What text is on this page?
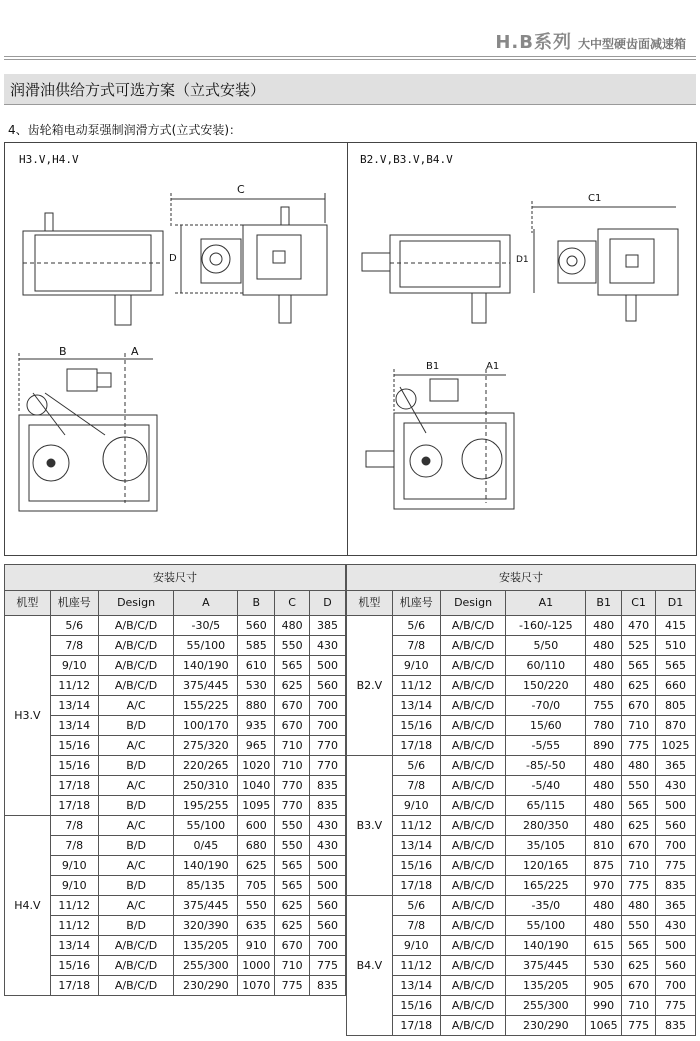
H.B系列 大中型硬齿面减速箱
润滑油供给方式可选方案（立式安装）
4、齿轮箱电动泵强制润滑方式(立式安装)：
H3.V,H4.V
C
D
B	A
B2.V,B3.V,B4.V
C1
D1
B1	A1
安装尺寸						
机型	机座号	Design	A	B	C	D
H3.V	5/6	A/B/C/D	-30/5	560	480	385
	7/8	A/B/C/D	55/100	585	550	430
	9/10	A/B/C/D	140/190	610	565	500
	11/12	A/B/C/D	375/445	530	625	560
	13/14	A/C	155/225	880	670	700
	13/14	B/D	100/170	935	670	700
	15/16	A/C	275/320	965	710	770
	15/16	B/D	220/265	1020	710	770
	17/18	A/C	250/310	1040	770	835
	17/18	B/D	195/255	1095	770	835
H4.V	7/8	A/C	55/100	600	550	430
	7/8	B/D	0/45	680	550	430
	9/10	A/C	140/190	625	565	500
	9/10	B/D	85/135	705	565	500
	11/12	A/C	375/445	550	625	560
	11/12	B/D	320/390	635	625	560
	13/14	A/B/C/D	135/205	910	670	700
	15/16	A/B/C/D	255/300	1000	710	775
	17/18	A/B/C/D	230/290	1070	775	835
安装尺寸						
机型	机座号	Design	A1	B1	C1	D1
B2.V	5/6	A/B/C/D	-160/-125	480	470	415
	7/8	A/B/C/D	5/50	480	525	510
	9/10	A/B/C/D	60/110	480	565	565
	11/12	A/B/C/D	150/220	480	625	660
	13/14	A/B/C/D	-70/0	755	670	805
	15/16	A/B/C/D	15/60	780	710	870
	17/18	A/B/C/D	-5/55	890	775	1025
B3.V	5/6	A/B/C/D	-85/-50	480	480	365
	7/8	A/B/C/D	-5/40	480	550	430
	9/10	A/B/C/D	65/115	480	565	500
	11/12	A/B/C/D	280/350	480	625	560
	13/14	A/B/C/D	35/105	810	670	700
	15/16	A/B/C/D	120/165	875	710	775
	17/18	A/B/C/D	165/225	970	775	835
B4.V	5/6	A/B/C/D	-35/0	480	480	365
	7/8	A/B/C/D	55/100	480	550	430
	9/10	A/B/C/D	140/190	615	565	500
	11/12	A/B/C/D	375/445	530	625	560
	13/14	A/B/C/D	135/205	905	670	700
	15/16	A/B/C/D	255/300	990	710	775
	17/18	A/B/C/D	230/290	1065	775	835
